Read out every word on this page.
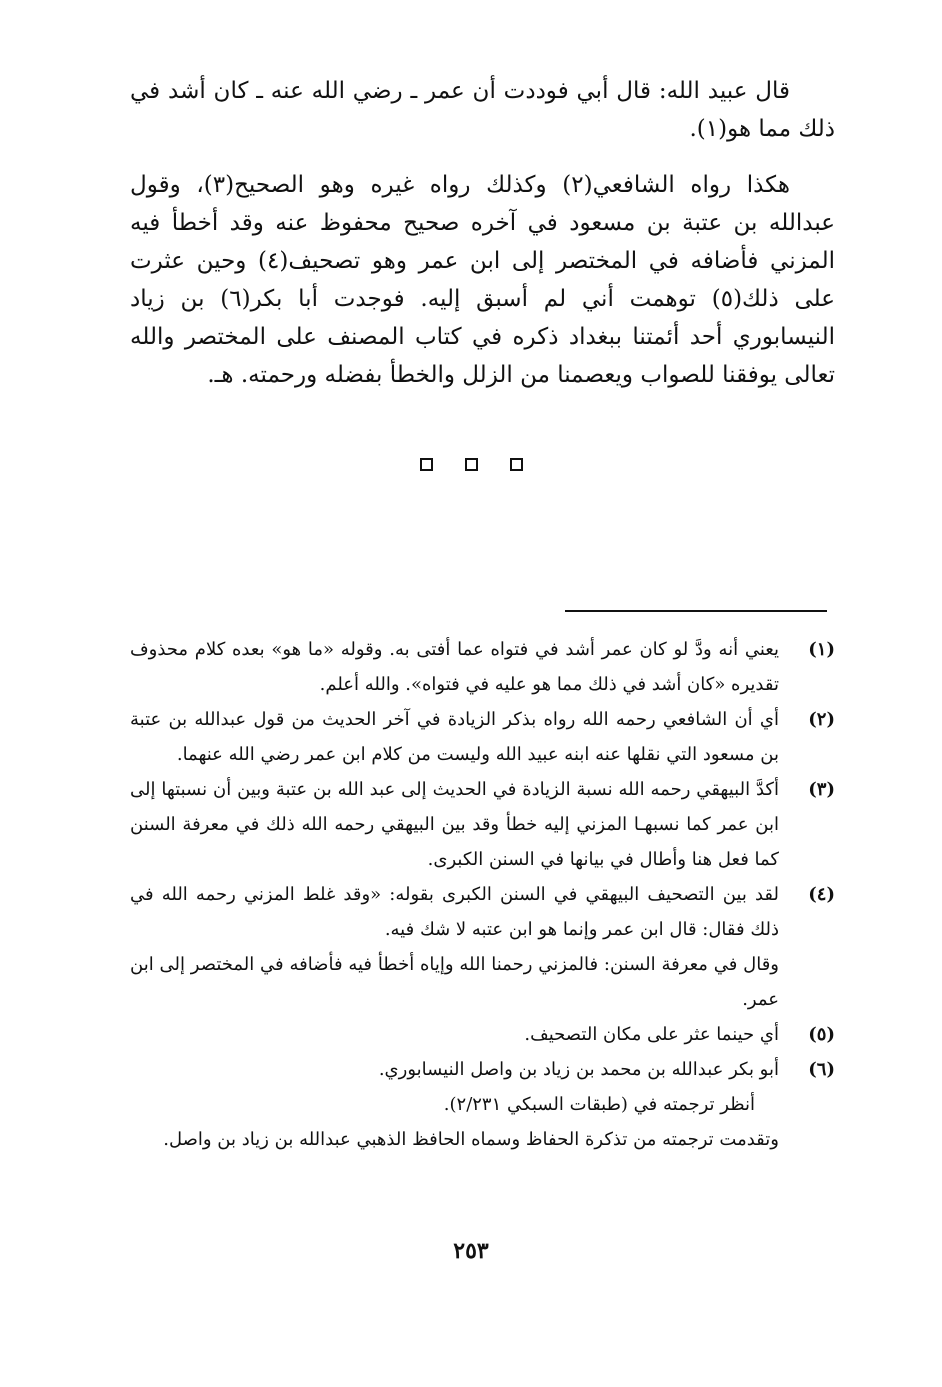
قال عبيد الله: قال أبي فوددت أن عمر ـ رضي الله عنه ـ كان أشد في ذلك مما هو(١).

هكذا رواه الشافعي(٢) وكذلك رواه غيره وهو الصحيح(٣)، وقول عبدالله بن عتبة بن مسعود في آخره صحيح محفوظ عنه وقد أخطأ فيه المزني فأضافه في المختصر إلى ابن عمر وهو تصحيف(٤) وحين عثرت على ذلك(٥) توهمت أني لم أسبق إليه. فوجدت أبا بكر(٦) بن زياد النيسابوري أحد أئمتنا ببغداد ذكره في كتاب المصنف على المختصر والله تعالى يوفقنا للصواب ويعصمنا من الزلل والخطأ بفضله ورحمته. هـ.

(١)

يعني أنه ودَّ لو كان عمر أشد في فتواه عما أفتى به. وقوله «ما هو» بعده كلام محذوف تقديره «كان أشد في ذلك مما هو عليه في فتواه». والله أعلم.

(٢)

أي أن الشافعي رحمه الله رواه بذكر الزيادة في آخر الحديث من قول عبدالله بن عتبة بن مسعود التي نقلها عنه ابنه عبيد الله وليست من كلام ابن عمر رضي الله عنهما.

(٣)

أكدَّ البيهقي رحمه الله نسبة الزيادة في الحديث إلى عبد الله بن عتبة وبين أن نسبتها إلى ابن عمر كما نسبهـا المزني إليه خطأ وقد بين البيهقي رحمه الله ذلك في معرفة السنن كما فعل هنا وأطال في بيانها في السنن الكبرى.

(٤)

لقد بين التصحيف البيهقي في السنن الكبرى بقوله: «وقد غلط المزني رحمه الله في ذلك فقال: قال ابن عمر وإنما هو ابن عتبه لا شك فيه.

وقال في معرفة السنن: فالمزني رحمنا الله وإياه أخطأ فيه فأضافه في المختصر إلى ابن عمر.

(٥)

أي حينما عثر على مكان التصحيف.

(٦)

أبو بكر عبدالله بن محمد بن زياد بن واصل النيسابوري.

أنظر ترجمته في (طبقات السبكي ٢/٢٣١).

وتقدمت ترجمته من تذكرة الحفاظ وسماه الحافظ الذهبي عبدالله بن زياد بن واصل.

٢٥٣
